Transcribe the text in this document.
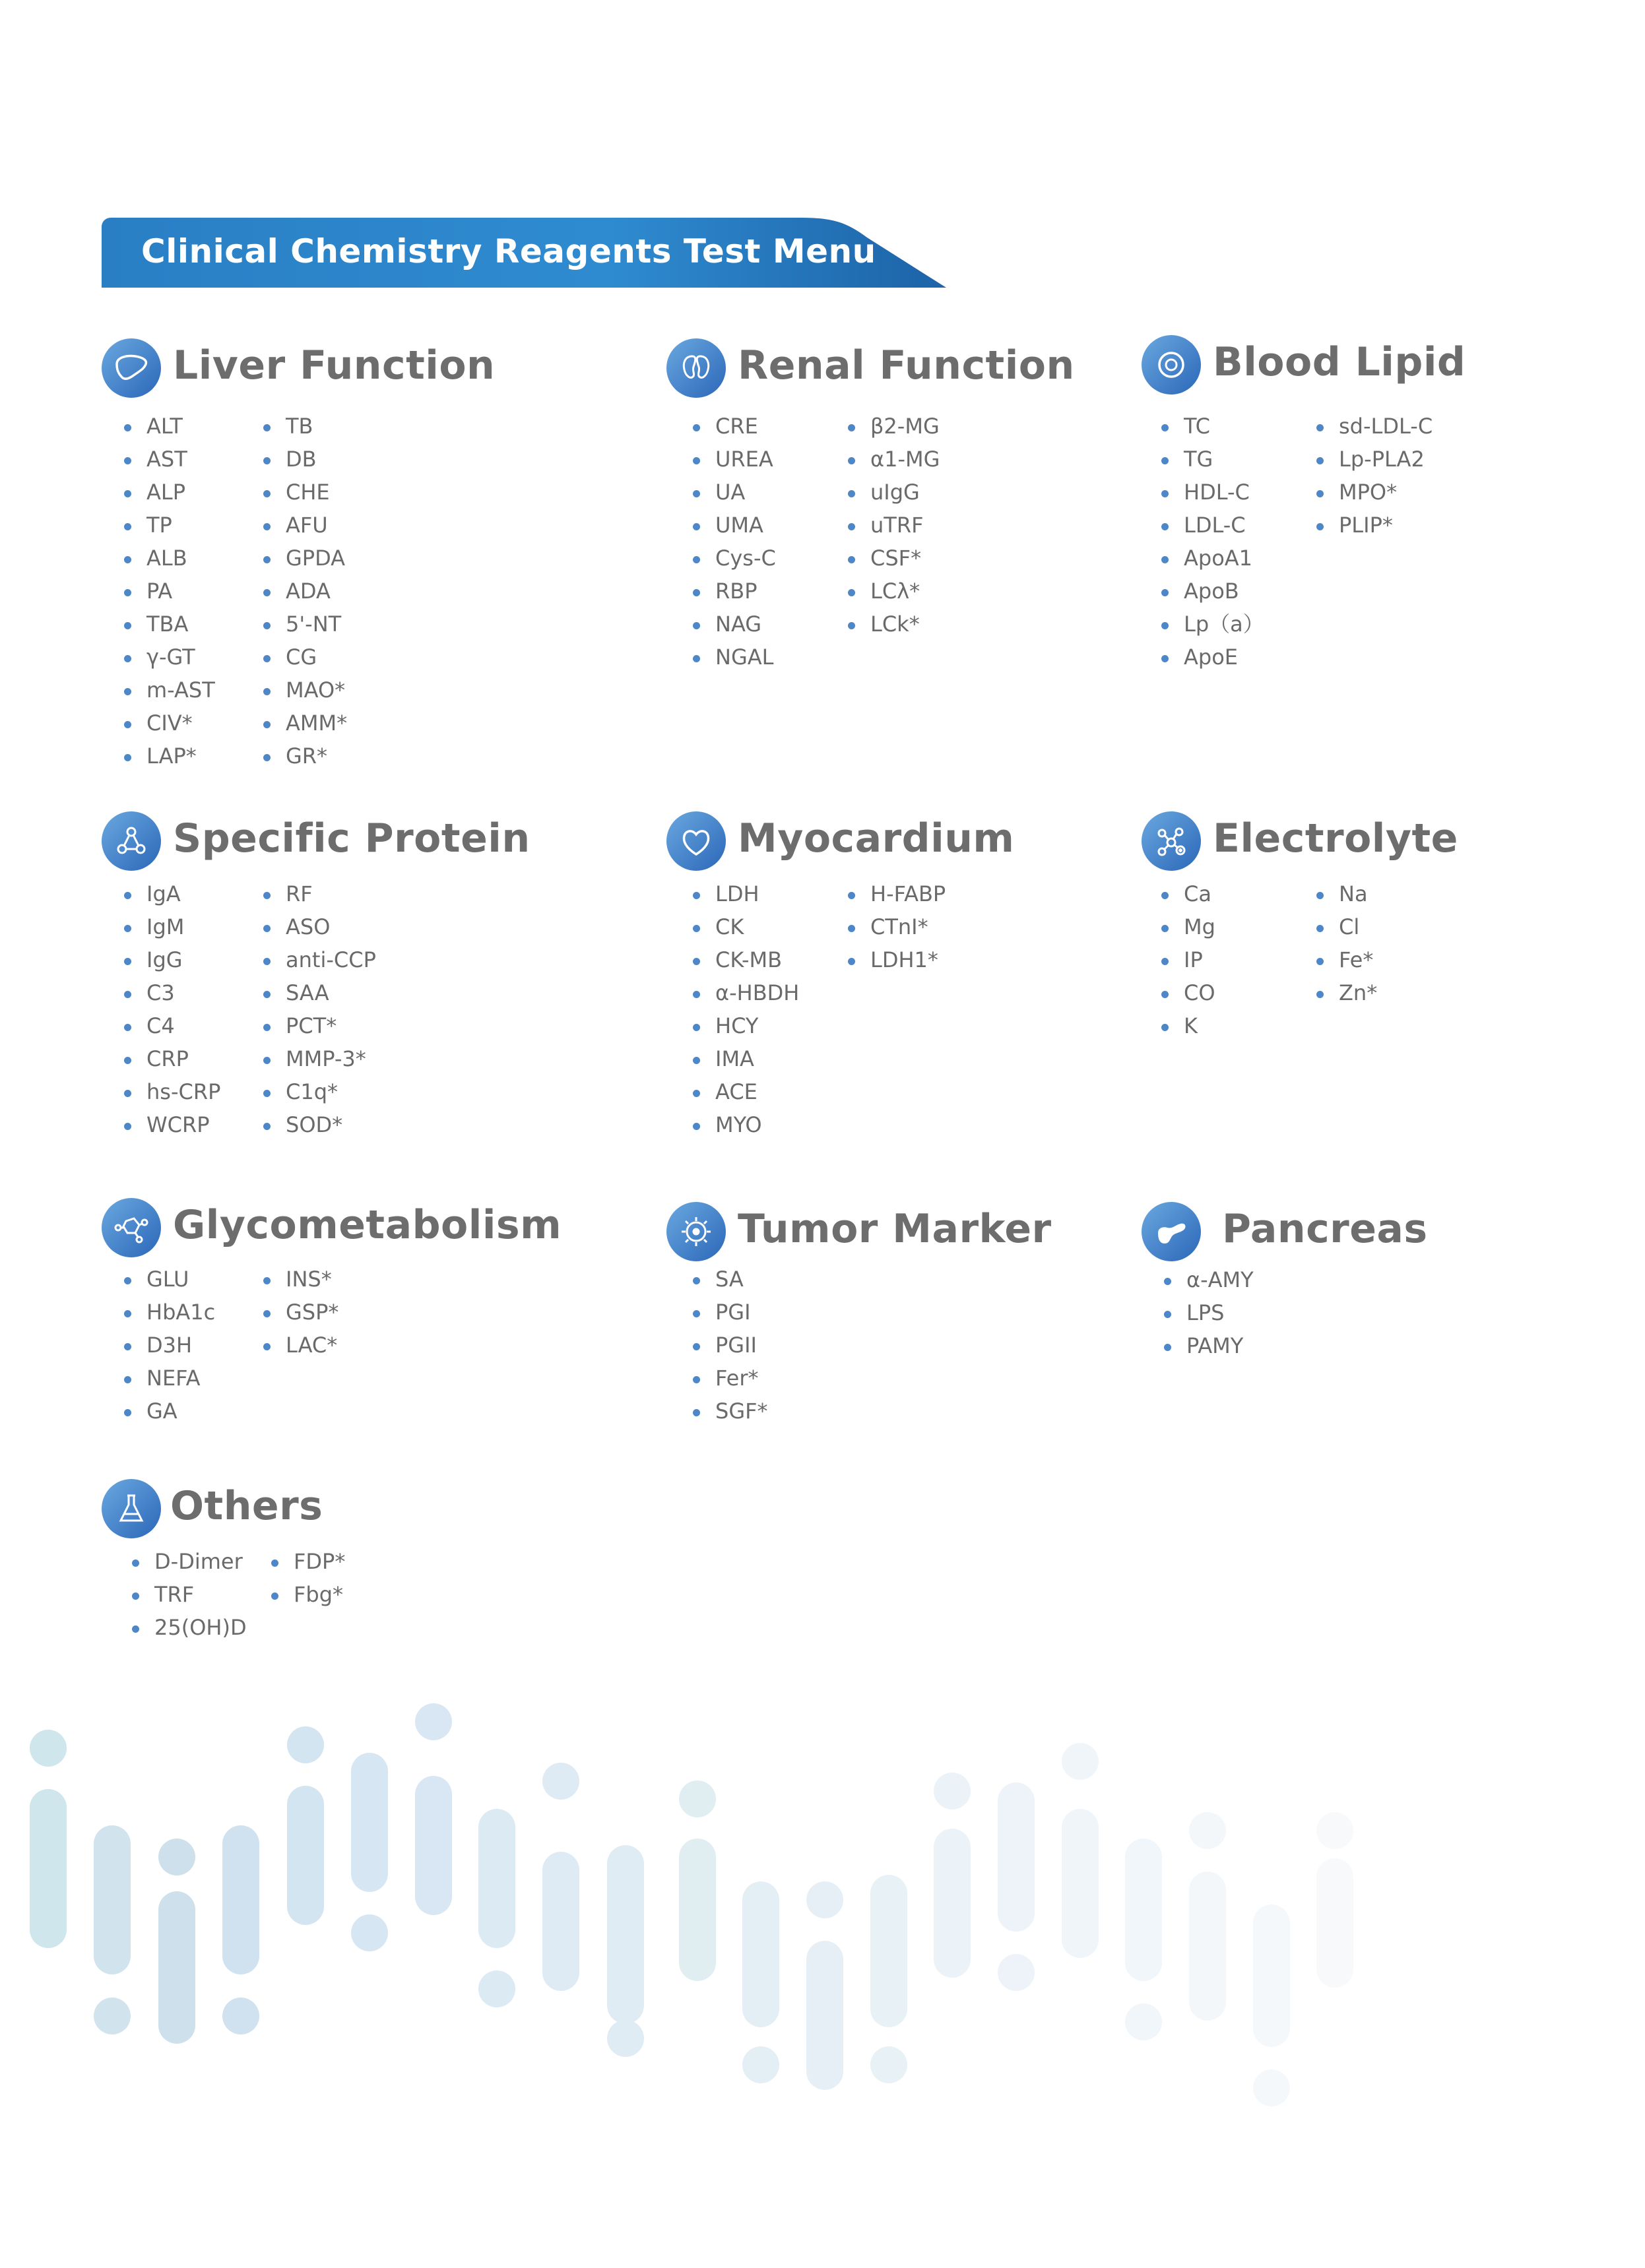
Clinical Chemistry Reagents Test Menu
Liver Function
ALT
AST
ALP
TP
ALB
PA
TBA
γ-GT
m-AST
CIV*
LAP*
TB
DB
CHE
AFU
GPDA
ADA
5'-NT
CG
MAO*
AMM*
GR*
Renal Function
CRE
UREA
UA
UMA
Cys-C
RBP
NAG
NGAL
β2-MG
α1-MG
uIgG
uTRF
CSF*
LCλ*
LCk*
Blood Lipid
TC
TG
HDL-C
LDL-C
ApoA1
ApoB
Lp（a）
ApoE
sd-LDL-C
Lp-PLA2
MPO*
PLIP*
Specific Protein
IgA
IgM
IgG
C3
C4
CRP
hs-CRP
WCRP
RF
ASO
anti-CCP
SAA
PCT*
MMP-3*
C1q*
SOD*
Myocardium
LDH
CK
CK-MB
α-HBDH
HCY
IMA
ACE
MYO
H-FABP
CTnI*
LDH1*
Electrolyte
Ca
Mg
IP
CO
K
Na
Cl
Fe*
Zn*
Glycometabolism
GLU
HbA1c
D3H
NEFA
GA
INS*
GSP*
LAC*
Tumor Marker
SA
PGI
PGII
Fer*
SGF*
Pancreas
α-AMY
LPS
PAMY
Others
D-Dimer
TRF
25(OH)D
FDP*
Fbg*
